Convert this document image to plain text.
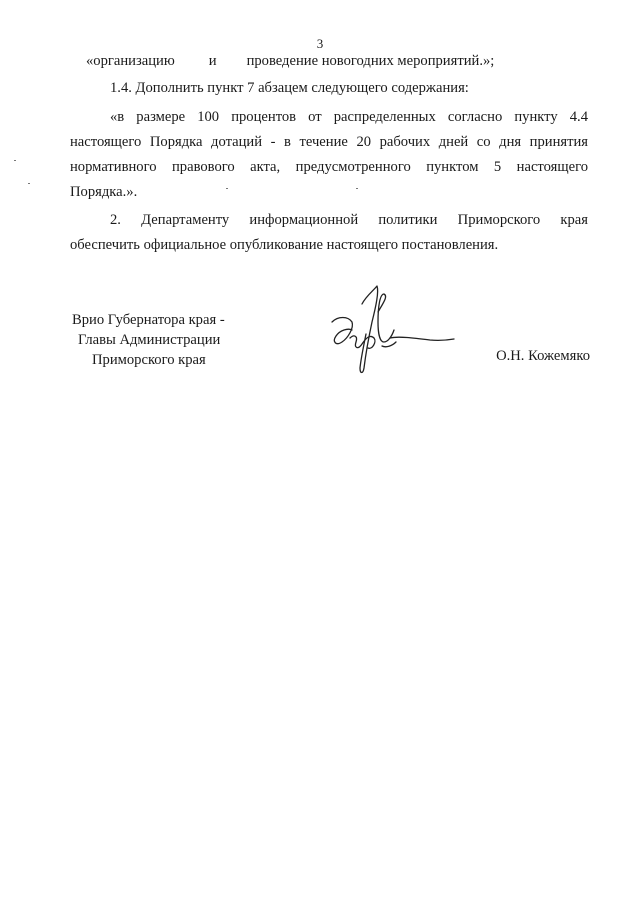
3
«организацию и проведение новогодних мероприятий.»;
1.4. Дополнить пункт 7 абзацем следующего содержания:
«в размере 100 процентов от распределенных согласно пункту 4.4
настоящего Порядка дотаций - в течение 20 рабочих дней со дня принятия
нормативного правового акта, предусмотренного пунктом 5 настоящего
Порядка.».
2. Департаменту информационной политики Приморского края
обеспечить официальное опубликование настоящего постановления.
Врио Губернатора края -
Главы Администрации
Приморского края	О.Н. Кожемяко
